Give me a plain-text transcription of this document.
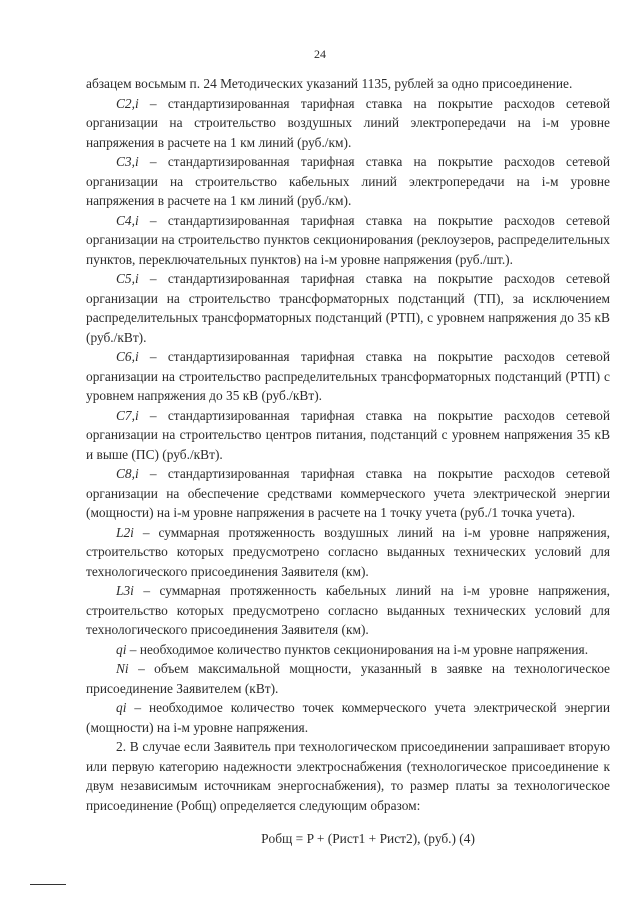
24

абзацем восьмым п. 24 Методических указаний 1135, рублей за одно присоединение.

C2,i – стандартизированная тарифная ставка на покрытие расходов сетевой организации на строительство воздушных линий электропередачи на i-м уровне напряжения в расчете на 1 км линий (руб./км).

C3,i – стандартизированная тарифная ставка на покрытие расходов сетевой организации на строительство кабельных линий электропередачи на i-м уровне напряжения в расчете на 1 км линий (руб./км).

C4,i – стандартизированная тарифная ставка на покрытие расходов сетевой организации на строительство пунктов секционирования (реклоузеров, распределительных пунктов, переключательных пунктов) на i-м уровне напряжения (руб./шт.).

C5,i – стандартизированная тарифная ставка на покрытие расходов сетевой организации на строительство трансформаторных подстанций (ТП), за исключением распределительных трансформаторных подстанций (РТП), с уровнем напряжения до 35 кВ (руб./кВт).

C6,i – стандартизированная тарифная ставка на покрытие расходов сетевой организации на строительство распределительных трансформаторных подстанций (РТП) с уровнем напряжения до 35 кВ (руб./кВт).

C7,i – стандартизированная тарифная ставка на покрытие расходов сетевой организации на строительство центров питания, подстанций с уровнем напряжения 35 кВ и выше (ПС) (руб./кВт).

C8,i – стандартизированная тарифная ставка на покрытие расходов сетевой организации на обеспечение средствами коммерческого учета электрической энергии (мощности) на i-м уровне напряжения в расчете на 1 точку учета (руб./1 точка учета).

L2i – суммарная протяженность воздушных линий на i-м уровне напряжения, строительство которых предусмотрено согласно выданных технических условий для технологического присоединения Заявителя (км).

L3i – суммарная протяженность кабельных линий на i-м уровне напряжения, строительство которых предусмотрено согласно выданных технических условий для технологического присоединения Заявителя (км).

qi – необходимое количество пунктов секционирования на i-м уровне напряжения.

Ni – объем максимальной мощности, указанный в заявке на технологическое присоединение Заявителем (кВт).

qi – необходимое количество точек коммерческого учета электрической энергии (мощности) на i-м уровне напряжения.

2. В случае если Заявитель при технологическом присоединении запрашивает вторую или первую категорию надежности электроснабжения (технологическое присоединение к двум независимым источникам энергоснабжения), то размер платы за технологическое присоединение (Pобщ) определяется следующим образом:

Pобщ = P + (Pист1 + Pист2), (руб.) (4)
